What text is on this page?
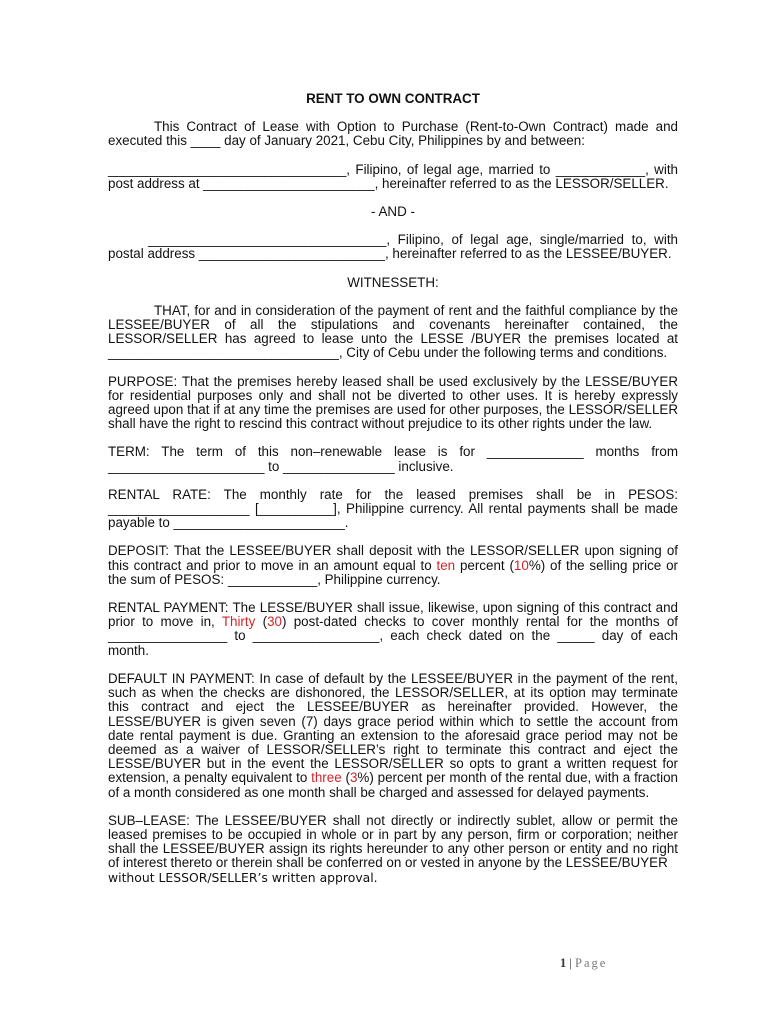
RENT TO OWN CONTRACT

This Contract of Lease with Option to Purchase (Rent-to-Own Contract) made and executed this ____ day of January 2021, Cebu City, Philippines by and between:

________________________________, Filipino, of legal age, married to ____________, with post address at _______________________, hereinafter referred to as the LESSOR/SELLER.

- AND -

________________________________, Filipino, of legal age, single/married to, with postal address _________________________, hereinafter referred to as the LESSEE/BUYER.

WITNESSETH:

THAT, for and in consideration of the payment of rent and the faithful compliance by the LESSEE/BUYER of all the stipulations and covenants hereinafter contained, the LESSOR/SELLER has agreed to lease unto the LESSE /BUYER the premises located at _______________________________, City of Cebu under the following terms and conditions.

PURPOSE: That the premises hereby leased shall be used exclusively by the LESSE/BUYER for residential purposes only and shall not be diverted to other uses. It is hereby expressly agreed upon that if at any time the premises are used for other purposes, the LESSOR/SELLER shall have the right to rescind this contract without prejudice to its other rights under the law.

TERM: The term of this non–renewable lease is for _____________ months from _____________________ to _______________ inclusive.

RENTAL RATE: The monthly rate for the leased premises shall be in PESOS: ___________________ [__________], Philippine currency. All rental payments shall be made payable to _______________________.

DEPOSIT: That the LESSEE/BUYER shall deposit with the LESSOR/SELLER upon signing of this contract and prior to move in an amount equal to ten percent (10%) of the selling price or the sum of PESOS: ____________, Philippine currency.

RENTAL PAYMENT: The LESSE/BUYER shall issue, likewise, upon signing of this contract and prior to move in, Thirty (30) post-dated checks to cover monthly rental for the months of ________________ to _________________, each check dated on the _____ day of each month.

DEFAULT IN PAYMENT: In case of default by the LESSEE/BUYER in the payment of the rent, such as when the checks are dishonored, the LESSOR/SELLER, at its option may terminate this contract and eject the LESSEE/BUYER as hereinafter provided. However, the LESSE/BUYER is given seven (7) days grace period within which to settle the account from date rental payment is due. Granting an extension to the aforesaid grace period may not be deemed as a waiver of LESSOR/SELLER’s right to terminate this contract and eject the LESSE/BUYER but in the event the LESSOR/SELLER so opts to grant a written request for extension, a penalty equivalent to three (3%) percent per month of the rental due, with a fraction of a month considered as one month shall be charged and assessed for delayed payments.

SUB–LEASE: The LESSEE/BUYER shall not directly or indirectly sublet, allow or permit the leased premises to be occupied in whole or in part by any person, firm or corporation; neither shall the LESSEE/BUYER assign its rights hereunder to any other person or entity and no right of interest thereto or therein shall be conferred on or vested in anyone by the LESSEE/BUYER

without LESSOR/SELLER’s written approval.

1 | Page
